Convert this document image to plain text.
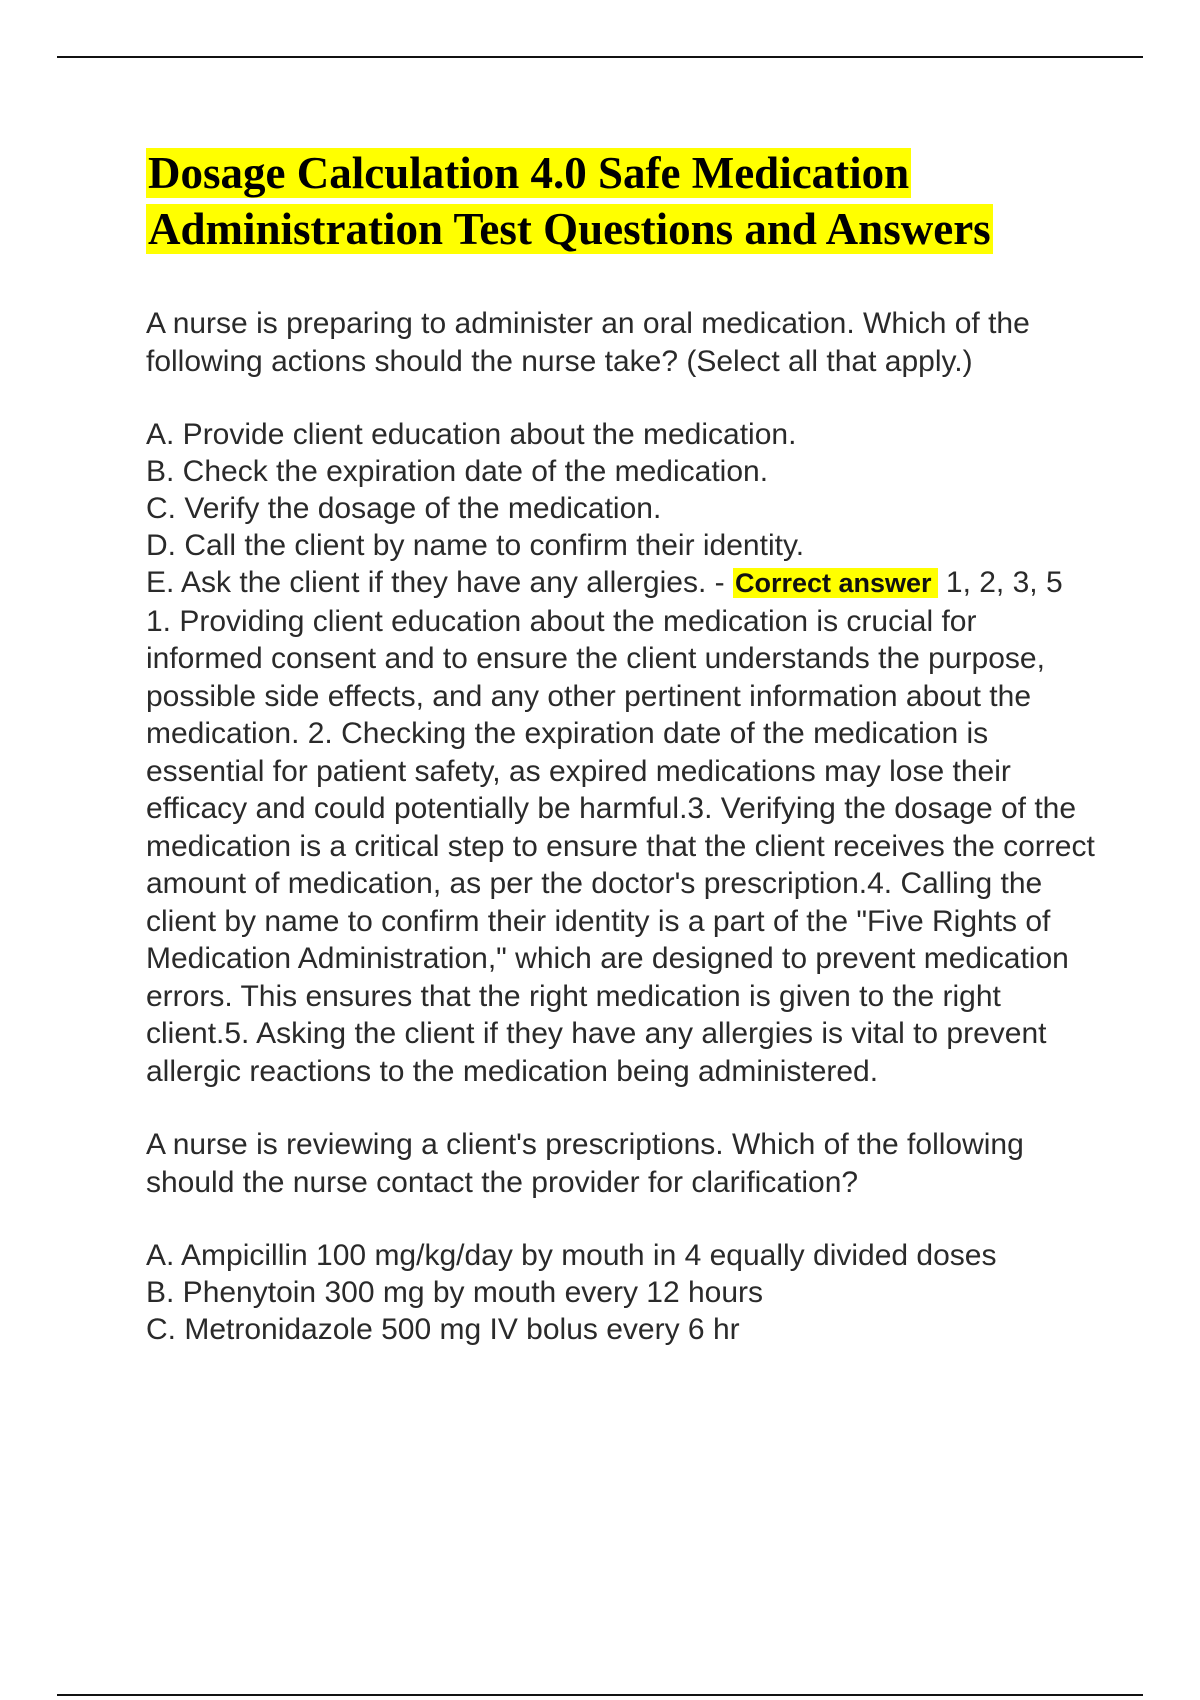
Dosage Calculation 4.0 Safe Medication Administration Test Questions and Answers

A nurse is preparing to administer an oral medication. Which of the following actions should the nurse take? (Select all that apply.)

A. Provide client education about the medication.

B. Check the expiration date of the medication.

C. Verify the dosage of the medication.

D. Call the client by name to confirm their identity.

E. Ask the client if they have any allergies. - Correct answer 1, 2, 3, 5

1. Providing client education about the medication is crucial for informed consent and to ensure the client understands the purpose, possible side effects, and any other pertinent information about the medication. 2. Checking the expiration date of the medication is essential for patient safety, as expired medications may lose their efficacy and could potentially be harmful.3. Verifying the dosage of the medication is a critical step to ensure that the client receives the correct amount of medication, as per the doctor's prescription.4. Calling the client by name to confirm their identity is a part of the "Five Rights of Medication Administration," which are designed to prevent medication errors. This ensures that the right medication is given to the right client.5. Asking the client if they have any allergies is vital to prevent allergic reactions to the medication being administered.

A nurse is reviewing a client's prescriptions. Which of the following should the nurse contact the provider for clarification?

A. Ampicillin 100 mg/kg/day by mouth in 4 equally divided doses

B. Phenytoin 300 mg by mouth every 12 hours

C. Metronidazole 500 mg IV bolus every 6 hr
